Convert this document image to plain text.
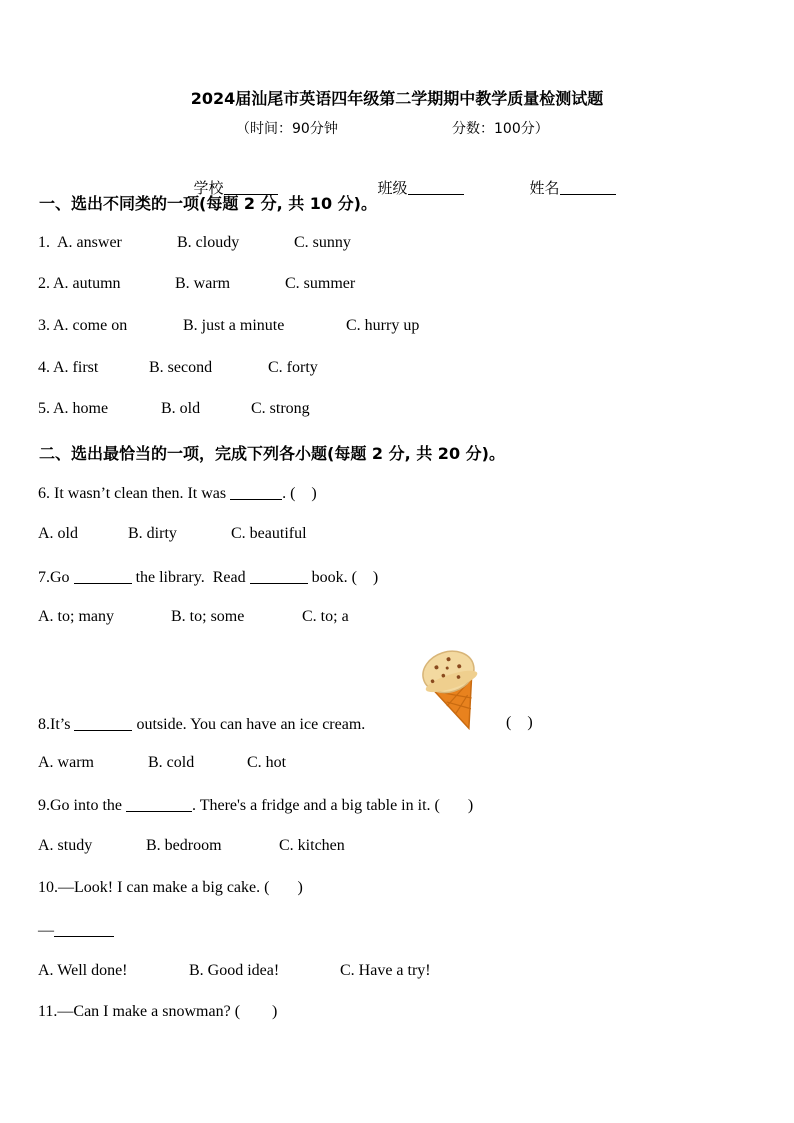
2024届汕尾市英语四年级第二学期期中教学质量检测试题
（时间：90分钟	分数：100分）

学校	班级	姓名

一、选出不同类的一项(每题 2 分, 共 10 分)。
1. A. answer	B. cloudy	C. sunny
2. A. autumn	B. warm	C. summer
3. A. come on	B. just a minute	C. hurry up
4. A. first	B. second	C. forty
5. A. home	B. old	C. strong
二、选出最恰当的一项，完成下列各小题(每题 2 分, 共 20 分)。
6. It wasn’t clean then. It was	. (    )
A. old	B. dirty	C. beautiful
7.Go	the library.  Read	book. (    )
A. to; many	B. to; some	C. to; a
8.It’s	outside. You can have an ice cream.	(    )
A. warm	B. cold	C. hot
9.Go into the	. There's a fridge and a big table in it. (       )
A. study	B. bedroom	C. kitchen
10.—Look! I can make a big cake. (       )
—
A. Well done!	B. Good idea!	C. Have a try!
11.—Can I make a snowman? (        )
